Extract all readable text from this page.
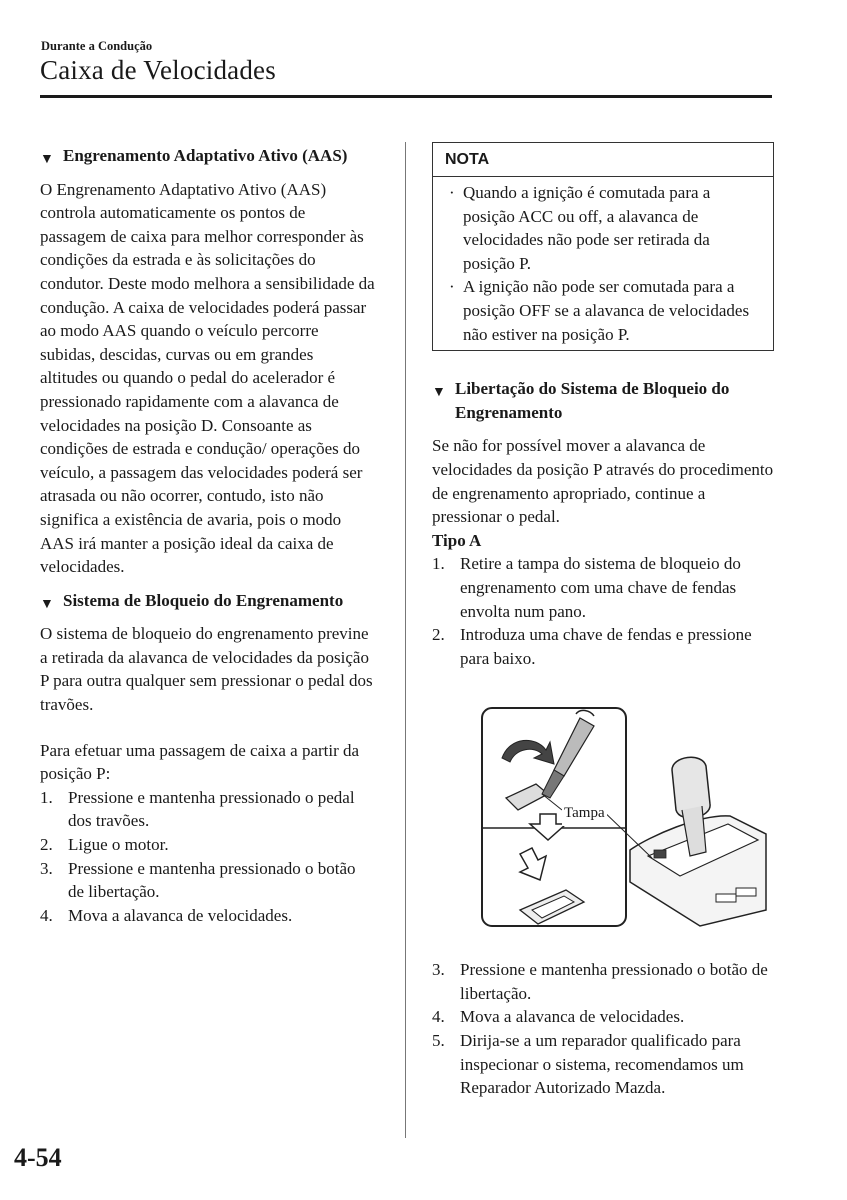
Durante a Condução
Caixa de Velocidades
▼ Engrenamento Adaptativo Ativo (AAS)

O Engrenamento Adaptativo Ativo (AAS) controla automaticamente os pontos de passagem de caixa para melhor corresponder às condições da estrada e às solicitações do condutor. Deste modo melhora a sensibilidade da condução. A caixa de velocidades poderá passar ao modo AAS quando o veículo percorre subidas, descidas, curvas ou em grandes altitudes ou quando o pedal do acelerador é pressionado rapidamente com a alavanca de velocidades na posição D. Consoante as condições de estrada e condução/ operações do veículo, a passagem das velocidades poderá ser atrasada ou não ocorrer, contudo, isto não significa a existência de avaria, pois o modo AAS irá manter a posição ideal da caixa de velocidades.

▼ Sistema de Bloqueio do Engrenamento

O sistema de bloqueio do engrenamento previne a retirada da alavanca de velocidades da posição P para outra qualquer sem pressionar o pedal dos travões.

Para efetuar uma passagem de caixa a partir da posição P:

1. Pressione e mantenha pressionado o pedal dos travões.
2. Ligue o motor.
3. Pressione e mantenha pressionado o botão de libertação.
4. Mova a alavanca de velocidades.
NOTA
· Quando a ignição é comutada para a posição ACC ou off, a alavanca de velocidades não pode ser retirada da posição P.
· A ignição não pode ser comutada para a posição OFF se a alavanca de velocidades não estiver na posição P.
▼ Libertação do Sistema de Bloqueio do Engrenamento

Se não for possível mover a alavanca de velocidades da posição P através do procedimento de engrenamento apropriado, continue a pressionar o pedal.

Tipo A

1. Retire a tampa do sistema de bloqueio do engrenamento com uma chave de fendas envolta num pano.
2. Introduza uma chave de fendas e pressione para baixo.
Tampa
3. Pressione e mantenha pressionado o botão de libertação.
4. Mova a alavanca de velocidades.
5. Dirija-se a um reparador qualificado para inspecionar o sistema, recomendamos um Reparador Autorizado Mazda.
4-54
